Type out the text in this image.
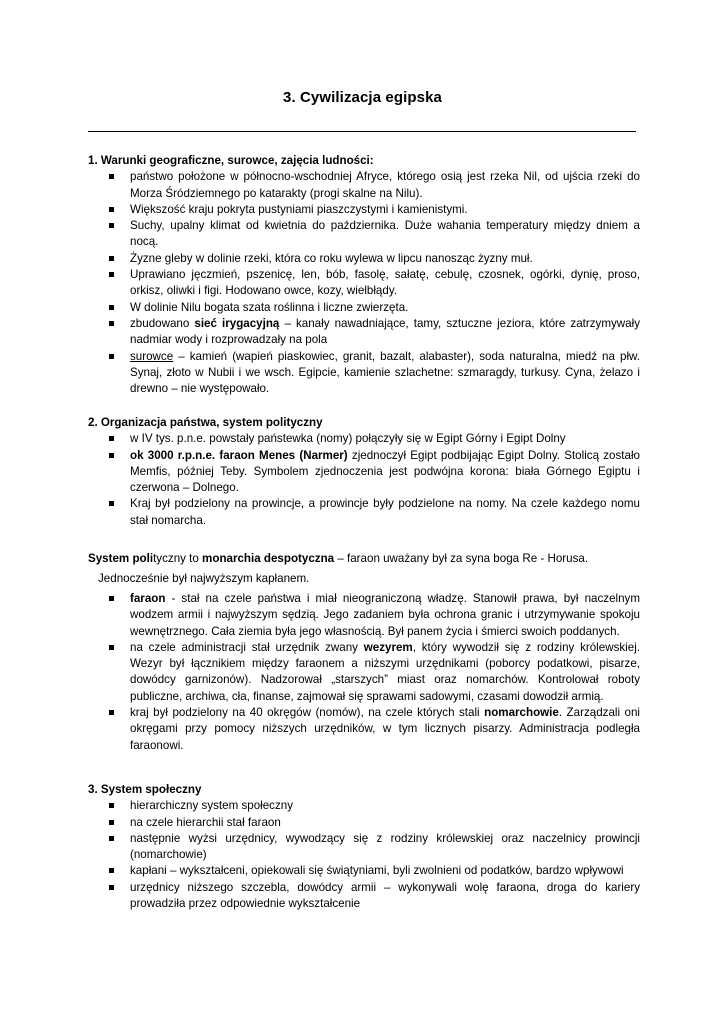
3. Cywilizacja egipska
1. Warunki geograficzne, surowce, zajęcia ludności:
państwo położone w północno-wschodniej Afryce, którego osią jest rzeka Nil, od ujścia rzeki do Morza Śródziemnego po katarakty (progi skalne na Nilu).
Większość kraju pokryta pustyniami piaszczystymi i kamienistymi.
Suchy, upalny klimat od kwietnia do października. Duże wahania temperatury między dniem a nocą.
Żyzne gleby w dolinie rzeki, która co roku wylewa w lipcu nanosząc żyzny muł.
Uprawiano jęczmień, pszenicę, len, bób, fasolę, sałatę, cebulę, czosnek, ogórki, dynię, proso, orkisz, oliwki i figi. Hodowano owce, kozy, wielbłądy.
W dolinie Nilu bogata szata roślinna i liczne zwierzęta.
zbudowano sieć irygacyjną – kanały nawadniające, tamy, sztuczne jeziora, które zatrzymywały nadmiar wody i rozprowadzały na pola
surowce – kamień (wapień piaskowiec, granit, bazalt, alabaster), soda naturalna, miedź na płw. Synaj, złoto w Nubii i we wsch. Egipcie, kamienie szlachetne: szmaragdy, turkusy. Cyna, żelazo i drewno – nie występowało.
2. Organizacja państwa, system polityczny
w IV tys. p.n.e. powstały państewka (nomy) połączyły się w Egipt Górny i Egipt Dolny
ok 3000 r.p.n.e. faraon Menes (Narmer) zjednoczył Egipt podbijając Egipt Dolny. Stolicą zostało Memfis, później Teby. Symbolem zjednoczenia jest podwójna korona: biała Górnego Egiptu i czerwona – Dolnego.
Kraj był podzielony na prowincje, a prowincje były podzielone na nomy. Na czele każdego nomu stał nomarcha.

System polityczny to monarchia despotyczna – faraon uważany był za syna boga Re - Horusa.
Jednocześnie był najwyższym kapłanem.

faraon - stał na czele państwa i miał nieograniczoną władzę. Stanowił prawa, był naczelnym wodzem armii i najwyższym sędzią. Jego zadaniem była ochrona granic i utrzymywanie spokoju wewnętrznego. Cała ziemia była jego własnością. Był panem życia i śmierci swoich poddanych.
na czele administracji stał urzędnik zwany wezyrem, który wywodził się z rodziny królewskiej. Wezyr był łącznikiem między faraonem a niższymi urzędnikami (poborcy podatkowi, pisarze, dowódcy garnizonów). Nadzorował „starszych” miast oraz nomarchów. Kontrolował roboty publiczne, archiwa, cła, finanse, zajmował się sprawami sadowymi, czasami dowodził armią.
kraj był podzielony na 40 okręgów (nomów), na czele których stali nomarchowie. Zarządzali oni okręgami przy pomocy niższych urzędników, w tym licznych pisarzy. Administracja podległa faraonowi.
3. System społeczny
hierarchiczny system społeczny
na czele hierarchii stał faraon
następnie wyżsi urzędnicy, wywodzący się z rodziny królewskiej oraz naczelnicy prowincji (nomarchowie)
kapłani – wykształceni, opiekowali się świątyniami, byli zwolnieni od podatków, bardzo wpływowi
urzędnicy niższego szczebla, dowódcy armii – wykonywali wolę faraona, droga do kariery prowadziła przez odpowiednie wykształcenie
